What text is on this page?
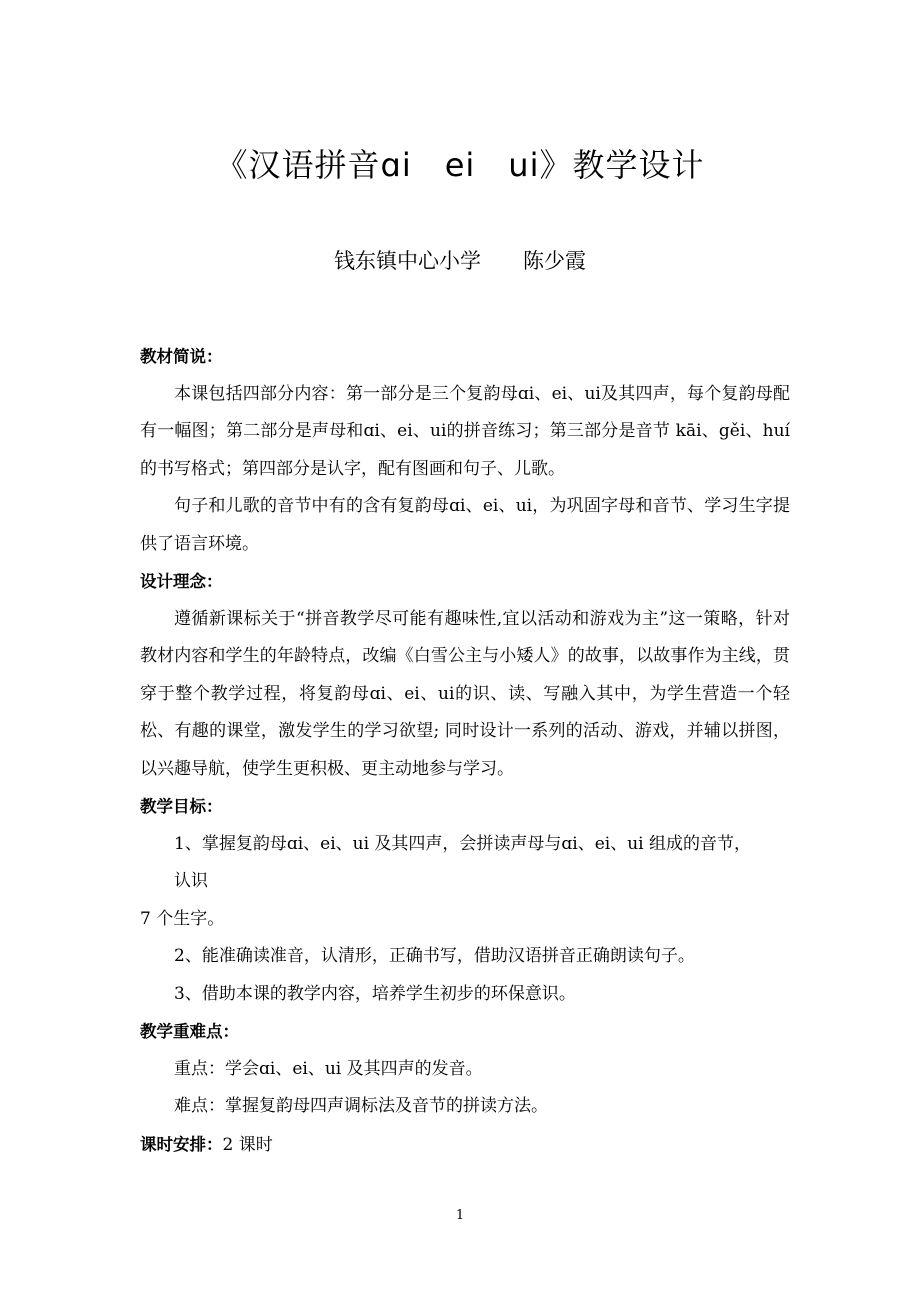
《汉语拼音ɑi　ei　ui》教学设计
钱东镇中心小学　　陈少霞
教材简说：
本课包括四部分内容：第一部分是三个复韵母ɑi、ei、ui及其四声，每个复韵母配有一幅图；第二部分是声母和ɑi、ei、ui的拼音练习；第三部分是音节 kāi、gěi、huí的书写格式；第四部分是认字，配有图画和句子、儿歌。
句子和儿歌的音节中有的含有复韵母ɑi、ei、ui，为巩固字母和音节、学习生字提供了语言环境。
设计理念：
遵循新课标关于“拼音教学尽可能有趣味性,宜以活动和游戏为主”这一策略，针对教材内容和学生的年龄特点，改编《白雪公主与小矮人》的故事，以故事作为主线，贯穿于整个教学过程，将复韵母ɑi、ei、ui的识、读、写融入其中，为学生营造一个轻松、有趣的课堂，激发学生的学习欲望; 同时设计一系列的活动、游戏，并辅以拼图，以兴趣导航，使学生更积极、更主动地参与学习。
教学目标：
1、掌握复韵母ɑi、ei、ui 及其四声，会拼读声母与ɑi、ei、ui 组成的音节，
认识
7 个生字。
2、能准确读准音，认清形，正确书写，借助汉语拼音正确朗读句子。
3、借助本课的教学内容，培养学生初步的环保意识。
教学重难点：
重点：学会ɑi、ei、ui 及其四声的发音。
难点：掌握复韵母四声调标法及音节的拼读方法。
课时安排：2 课时
1
